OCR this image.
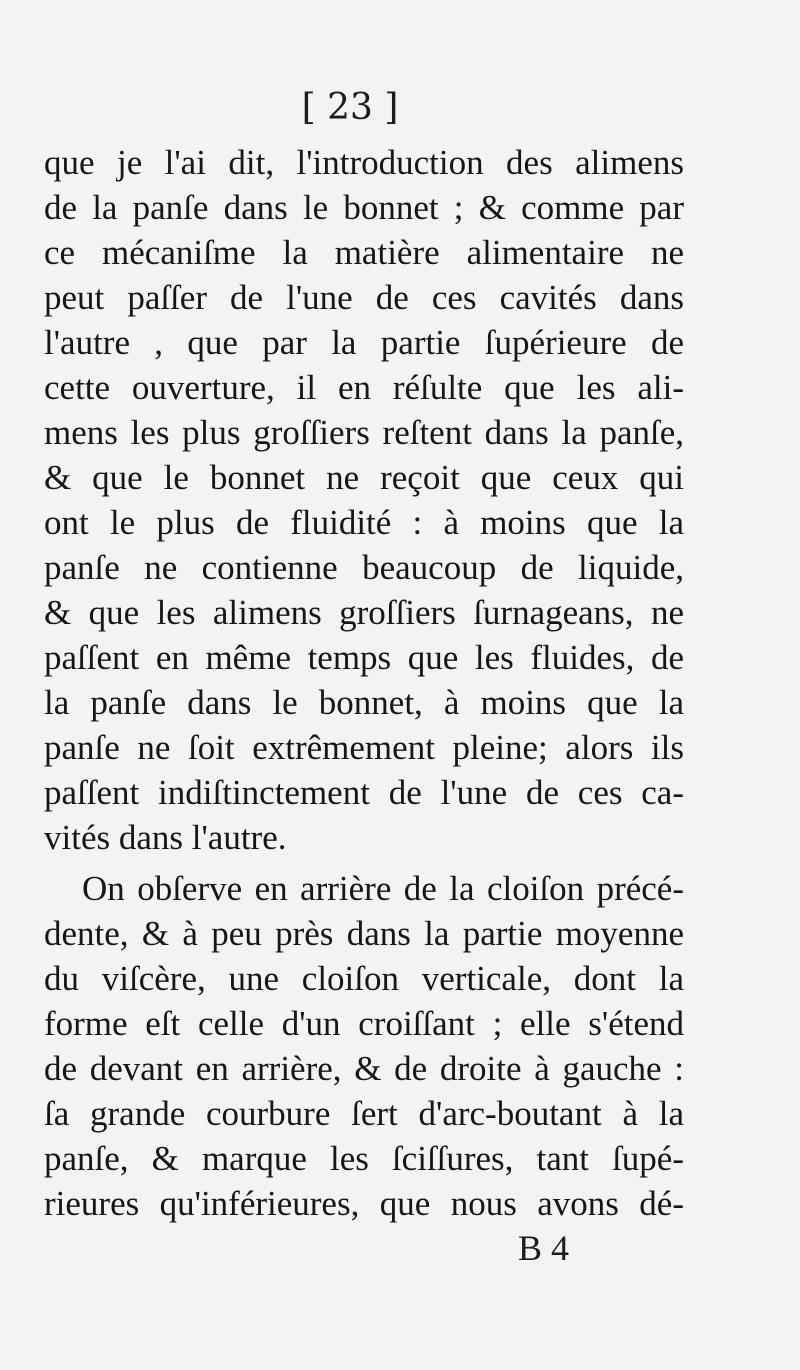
[ 23 ]
que je l'ai dit, l'introduction des alimens
de la panſe dans le bonnet ; & comme par
ce mécaniſme la matière alimentaire ne
peut paſſer de l'une de ces cavités dans
l'autre , que par la partie ſupérieure de
cette ouverture, il en réſulte que les ali-
mens les plus groſſiers reſtent dans la panſe,
& que le bonnet ne reçoit que ceux qui
ont le plus de fluidité : à moins que la
panſe ne contienne beaucoup de liquide,
& que les alimens groſſiers ſurnageans, ne
paſſent en même temps que les fluides, de
la panſe dans le bonnet, à moins que la
panſe ne ſoit extrêmement pleine; alors ils
paſſent indiſtinctement de l'une de ces ca-
vités dans l'autre.
On obſerve en arrière de la cloiſon précé-
dente, & à peu près dans la partie moyenne
du viſcère, une cloiſon verticale, dont la
forme eſt celle d'un croiſſant ; elle s'étend
de devant en arrière, & de droite à gauche :
ſa grande courbure ſert d'arc-boutant à la
panſe, & marque les ſciſſures, tant ſupé-
rieures qu'inférieures, que nous avons dé-
B 4
